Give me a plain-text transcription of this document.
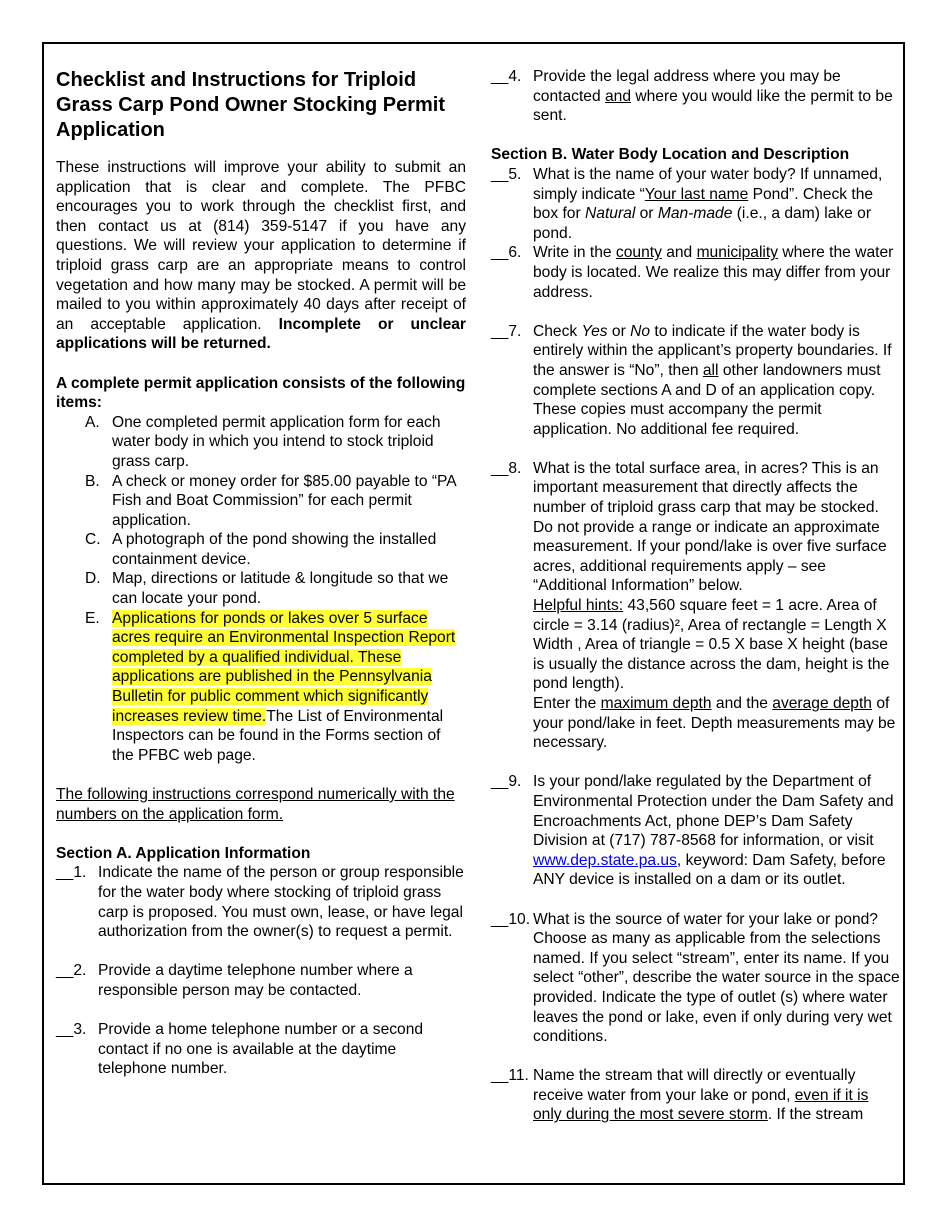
Checklist and Instructions for Triploid Grass Carp Pond Owner Stocking Permit Application

These instructions will improve your ability to submit an application that is clear and complete. The PFBC encourages you to work through the checklist first, and then contact us at (814) 359-5147 if you have any questions. We will review your application to determine if triploid grass carp are an appropriate means to control vegetation and how many may be stocked. A permit will be mailed to you within approximately 40 days after receipt of an acceptable application. Incomplete or unclear applications will be returned.

A complete permit application consists of the following items:

A. One completed permit application form for each water body in which you intend to stock triploid grass carp.
B. A check or money order for $85.00 payable to “PA Fish and Boat Commission” for each permit application.
C. A photograph of the pond showing the installed containment device.
D. Map, directions or latitude & longitude so that we can locate your pond.
E. Applications for ponds or lakes over 5 surface acres require an Environmental Inspection Report completed by a qualified individual. These applications are published in the Pennsylvania Bulletin for public comment which significantly increases review time.The List of Environmental Inspectors can be found in the Forms section of the PFBC web page.

The following instructions correspond numerically with the numbers on the application form.

Section A. Application Information

__1. Indicate the name of the person or group responsible for the water body where stocking of triploid grass carp is proposed. You must own, lease, or have legal authorization from the owner(s) to request a permit.
__2. Provide a daytime telephone number where a responsible person may be contacted.
__3. Provide a home telephone number or a second contact if no one is available at the daytime telephone number.
__4. Provide the legal address where you may be contacted and where you would like the permit to be sent.

Section B. Water Body Location and Description

__5. What is the name of your water body? If unnamed, simply indicate “Your last name Pond”. Check the box for Natural or Man-made (i.e., a dam) lake or pond.
__6. Write in the county and municipality where the water body is located. We realize this may differ from your address.
__7. Check Yes or No to indicate if the water body is entirely within the applicant’s property boundaries. If the answer is “No”, then all other landowners must complete sections A and D of an application copy. These copies must accompany the permit application. No additional fee required.
__8. What is the total surface area, in acres? This is an important measurement that directly affects the number of triploid grass carp that may be stocked. Do not provide a range or indicate an approximate measurement. If your pond/lake is over five surface acres, additional requirements apply – see “Additional Information” below.
Helpful hints: 43,560 square feet = 1 acre. Area of circle = 3.14 (radius)², Area of rectangle = Length X Width , Area of triangle = 0.5 X base X height (base is usually the distance across the dam, height is the pond length).
Enter the maximum depth and the average depth of your pond/lake in feet. Depth measurements may be necessary.
__9. Is your pond/lake regulated by the Department of Environmental Protection under the Dam Safety and Encroachments Act, phone DEP’s Dam Safety Division at (717) 787-8568 for information, or visit www.dep.state.pa.us, keyword: Dam Safety, before ANY device is installed on a dam or its outlet.
__10. What is the source of water for your lake or pond? Choose as many as applicable from the selections named. If you select “stream”, enter its name. If you select “other”, describe the water source in the space provided. Indicate the type of outlet (s) where water leaves the pond or lake, even if only during very wet conditions.
__11. Name the stream that will directly or eventually receive water from your lake or pond, even if it is only during the most severe storm. If the stream
